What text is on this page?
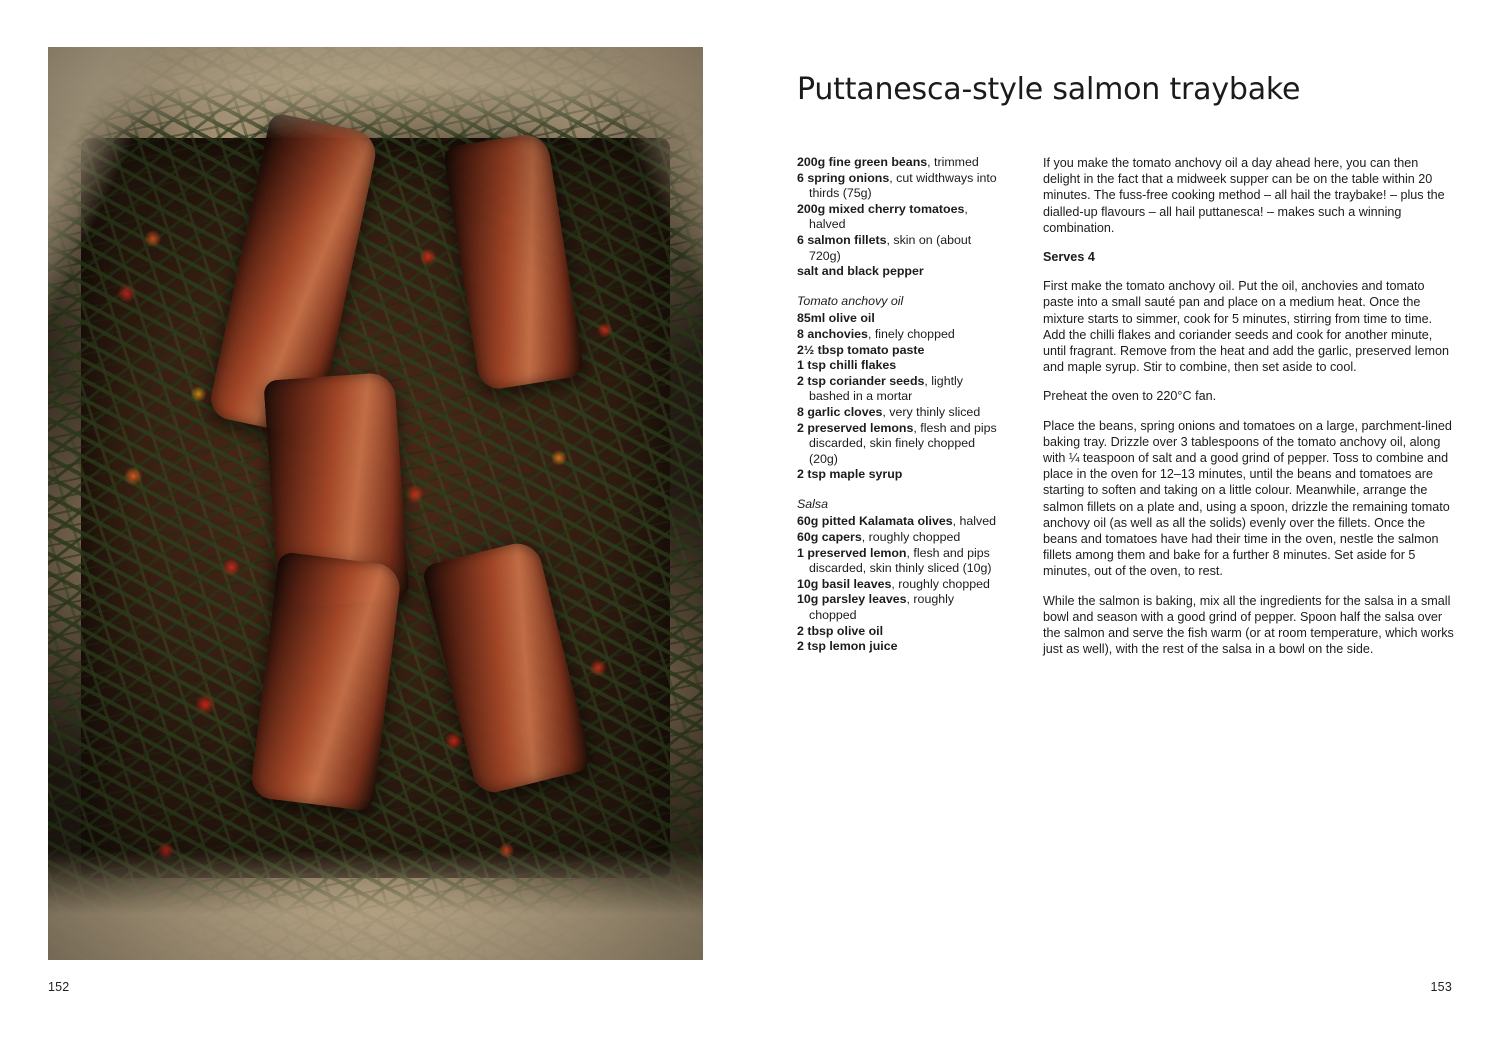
152
Puttanesca-style salmon traybake

200g fine green beans, trimmed

6 spring onions, cut widthways into thirds (75g)

200g mixed cherry tomatoes, halved

6 salmon fillets, skin on (about 720g)

salt and black pepper

Tomato anchovy oil

85ml olive oil

8 anchovies, finely chopped

2½ tbsp tomato paste

1 tsp chilli flakes

2 tsp coriander seeds, lightly bashed in a mortar

8 garlic cloves, very thinly sliced

2 preserved lemons, flesh and pips discarded, skin finely chopped (20g)

2 tsp maple syrup

Salsa

60g pitted Kalamata olives, halved

60g capers, roughly chopped

1 preserved lemon, flesh and pips discarded, skin thinly sliced (10g)

10g basil leaves, roughly chopped

10g parsley leaves, roughly chopped

2 tbsp olive oil

2 tsp lemon juice

If you make the tomato anchovy oil a day ahead here, you can then delight in the fact that a midweek supper can be on the table within 20 minutes. The fuss-free cooking method – all hail the traybake! – plus the dialled-up flavours – all hail puttanesca! – makes such a winning combination.

Serves 4

First make the tomato anchovy oil. Put the oil, anchovies and tomato paste into a small sauté pan and place on a medium heat. Once the mixture starts to simmer, cook for 5 minutes, stirring from time to time. Add the chilli flakes and coriander seeds and cook for another minute, until fragrant. Remove from the heat and add the garlic, preserved lemon and maple syrup. Stir to combine, then set aside to cool.

Preheat the oven to 220°C fan.

Place the beans, spring onions and tomatoes on a large, parchment-lined baking tray. Drizzle over 3 tablespoons of the tomato anchovy oil, along with ¼ teaspoon of salt and a good grind of pepper. Toss to combine and place in the oven for 12–13 minutes, until the beans and tomatoes are starting to soften and taking on a little colour. Meanwhile, arrange the salmon fillets on a plate and, using a spoon, drizzle the remaining tomato anchovy oil (as well as all the solids) evenly over the fillets. Once the beans and tomatoes have had their time in the oven, nestle the salmon fillets among them and bake for a further 8 minutes. Set aside for 5 minutes, out of the oven, to rest.

While the salmon is baking, mix all the ingredients for the salsa in a small bowl and season with a good grind of pepper. Spoon half the salsa over the salmon and serve the fish warm (or at room temperature, which works just as well), with the rest of the salsa in a bowl on the side.

153
